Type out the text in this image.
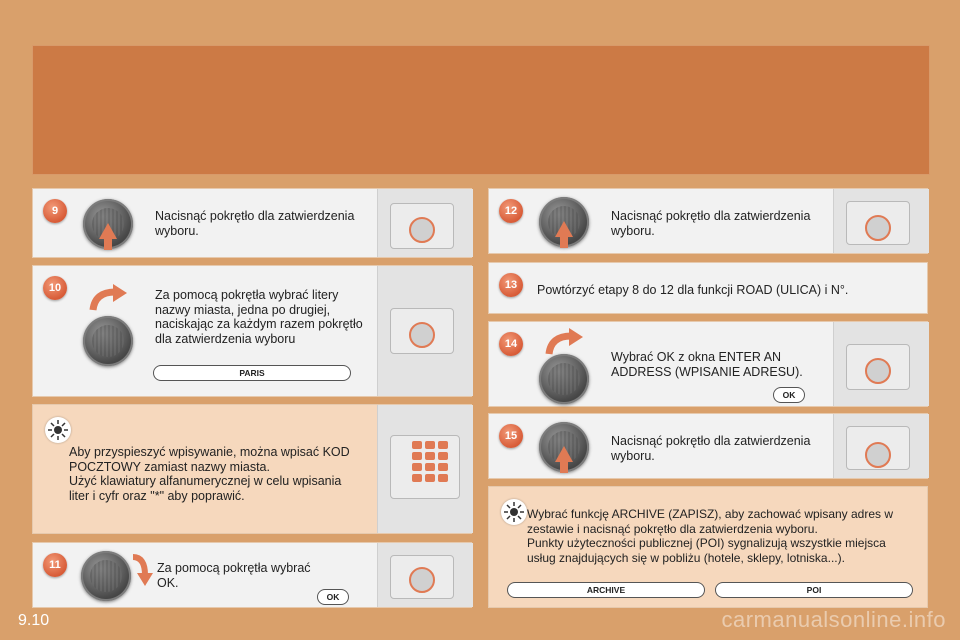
9	Nacisnąć pokrętło dla zatwierdzenia
wyboru.
10	Za pomocą pokrętła wybrać litery
nazwy miasta, jedna po drugiej,
naciskając za każdym razem pokrętło
dla zatwierdzenia wyboru
PARIS
Aby przyspieszyć wpisywanie, można wpisać KOD
POCZTOWY zamiast nazwy miasta.
Użyć klawiatury alfanumerycznej w celu wpisania
liter i cyfr oraz "*" aby poprawić.
11	Za pomocą pokrętła wybrać
OK.
OK
12	Nacisnąć pokrętło dla zatwierdzenia
wyboru.
13	Powtórzyć etapy 8 do 12 dla funkcji ROAD (ULICA) i N°.
14
Wybrać OK z okna ENTER AN
ADDRESS (WPISANIE ADRESU).
OK
15	Nacisnąć pokrętło dla zatwierdzenia
wyboru.
Wybrać funkcję ARCHIVE (ZAPISZ), aby zachować wpisany adres w
zestawie i nacisnąć pokrętło dla zatwierdzenia wyboru.
Punkty użyteczności publicznej (POI) sygnalizują wszystkie miejsca
usług znajdujących się w pobliżu (hotele, sklepy, lotniska...).
ARCHIVE	POI
9.10	carmanualsonline.info
